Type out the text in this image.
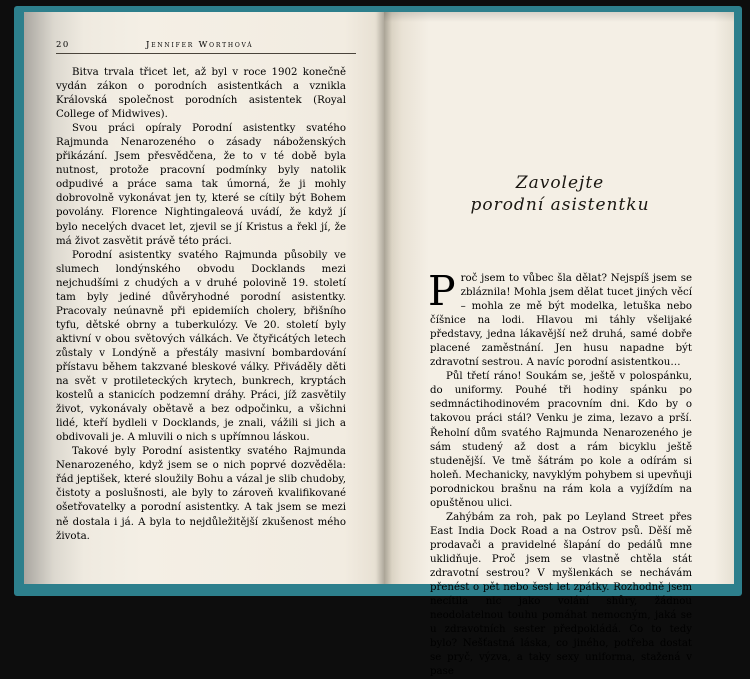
20	Jennifer Worthová

Bitva trvala třicet let, až byl v roce 1902 konečně vydán zákon o porodních asistentkách a vznikla Královská společnost porodních asistentek (Royal College of Midwives).

Svou práci opíraly Porodní asistentky svatého Rajmunda Nenarozeného o zásady náboženských přikázání. Jsem přesvědčena, že to v té době byla nutnost, protože pracovní podmínky byly natolik odpudivé a práce sama tak úmorná, že ji mohly dobrovolně vykonávat jen ty, které se cítily být Bohem povolány. Florence Nightingaleová uvádí, že když jí bylo necelých dvacet let, zjevil se jí Kristus a řekl jí, že má život zasvětit právě této práci.

Porodní asistentky svatého Rajmunda působily ve slumech londýnského obvodu Docklands mezi nejchudšími z chudých a v druhé polovině 19. století tam byly jediné důvěryhodné porodní asistentky. Pracovaly neúnavně při epidemiích cholery, břišního tyfu, dětské obrny a tuberkulózy. Ve 20. století byly aktivní v obou světových válkách. Ve čtyřicátých letech zůstaly v Londýně a přestály masivní bombardování přístavu během takzvané bleskové války. Přiváděly děti na svět v protileteckých krytech, bunkrech, kryptách kostelů a stanicích podzemní dráhy. Práci, jíž zasvětily život, vykonávaly obětavě a bez odpočinku, a všichni lidé, kteří bydleli v Docklands, je znali, vážili si jich a obdivovali je. A mluvili o nich s upřímnou láskou.

Takové byly Porodní asistentky svatého Rajmunda Nenarozeného, když jsem se o nich poprvé dozvěděla: řád jeptišek, které sloužily Bohu a vázal je slib chudoby, čistoty a poslušnosti, ale byly to zároveň kvalifikované ošetřovatelky a porodní asistentky. A tak jsem se mezi ně dostala i já. A byla to nejdůležitější zkušenost mého života.

Zavolejte
porodní asistentku

Proč jsem to vůbec šla dělat? Nejspíš jsem se zbláznila! Mohla jsem dělat tucet jiných věcí – mohla ze mě být modelka, letuška nebo číšnice na lodi. Hlavou mi táhly všelijaké představy, jedna lákavější než druhá, samé dobře placené zaměstnání. Jen husu napadne být zdravotní sestrou. A navíc porodní asistentkou…

Půl třetí ráno! Soukám se, ještě v polospánku, do uniformy. Pouhé tři hodiny spánku po sedmnáctihodinovém pracovním dni. Kdo by o takovou práci stál? Venku je zima, lezavo a prší. Řeholní dům svatého Rajmunda Nenarozeného je sám studený až dost a rám bicyklu ještě studenější. Ve tmě šátrám po kole a odírám si holeň. Mechanicky, navyklým pohybem si upevňuji porodnickou brašnu na rám kola a vyjíždím na opuštěnou ulici.

Zahýbám za roh, pak po Leyland Street přes East India Dock Road a na Ostrov psů. Děší mě prodavači a pravidelné šlapání do pedálů mne uklidňuje. Proč jsem se vlastně chtěla stát zdravotní sestrou? V myšlenkách se nechávám přenést o pět nebo šest let zpátky. Rozhodně jsem necítila nic jako volání shůry, žádnou neodolatelnou touhu pomáhat nemocným, jaká se u zdravotních sester předpokládá. Co to tedy bylo? Nešťastná láska, co jiného, potřeba dostat se pryč, výzva, a taky sexy uniforma, stažená v pase
